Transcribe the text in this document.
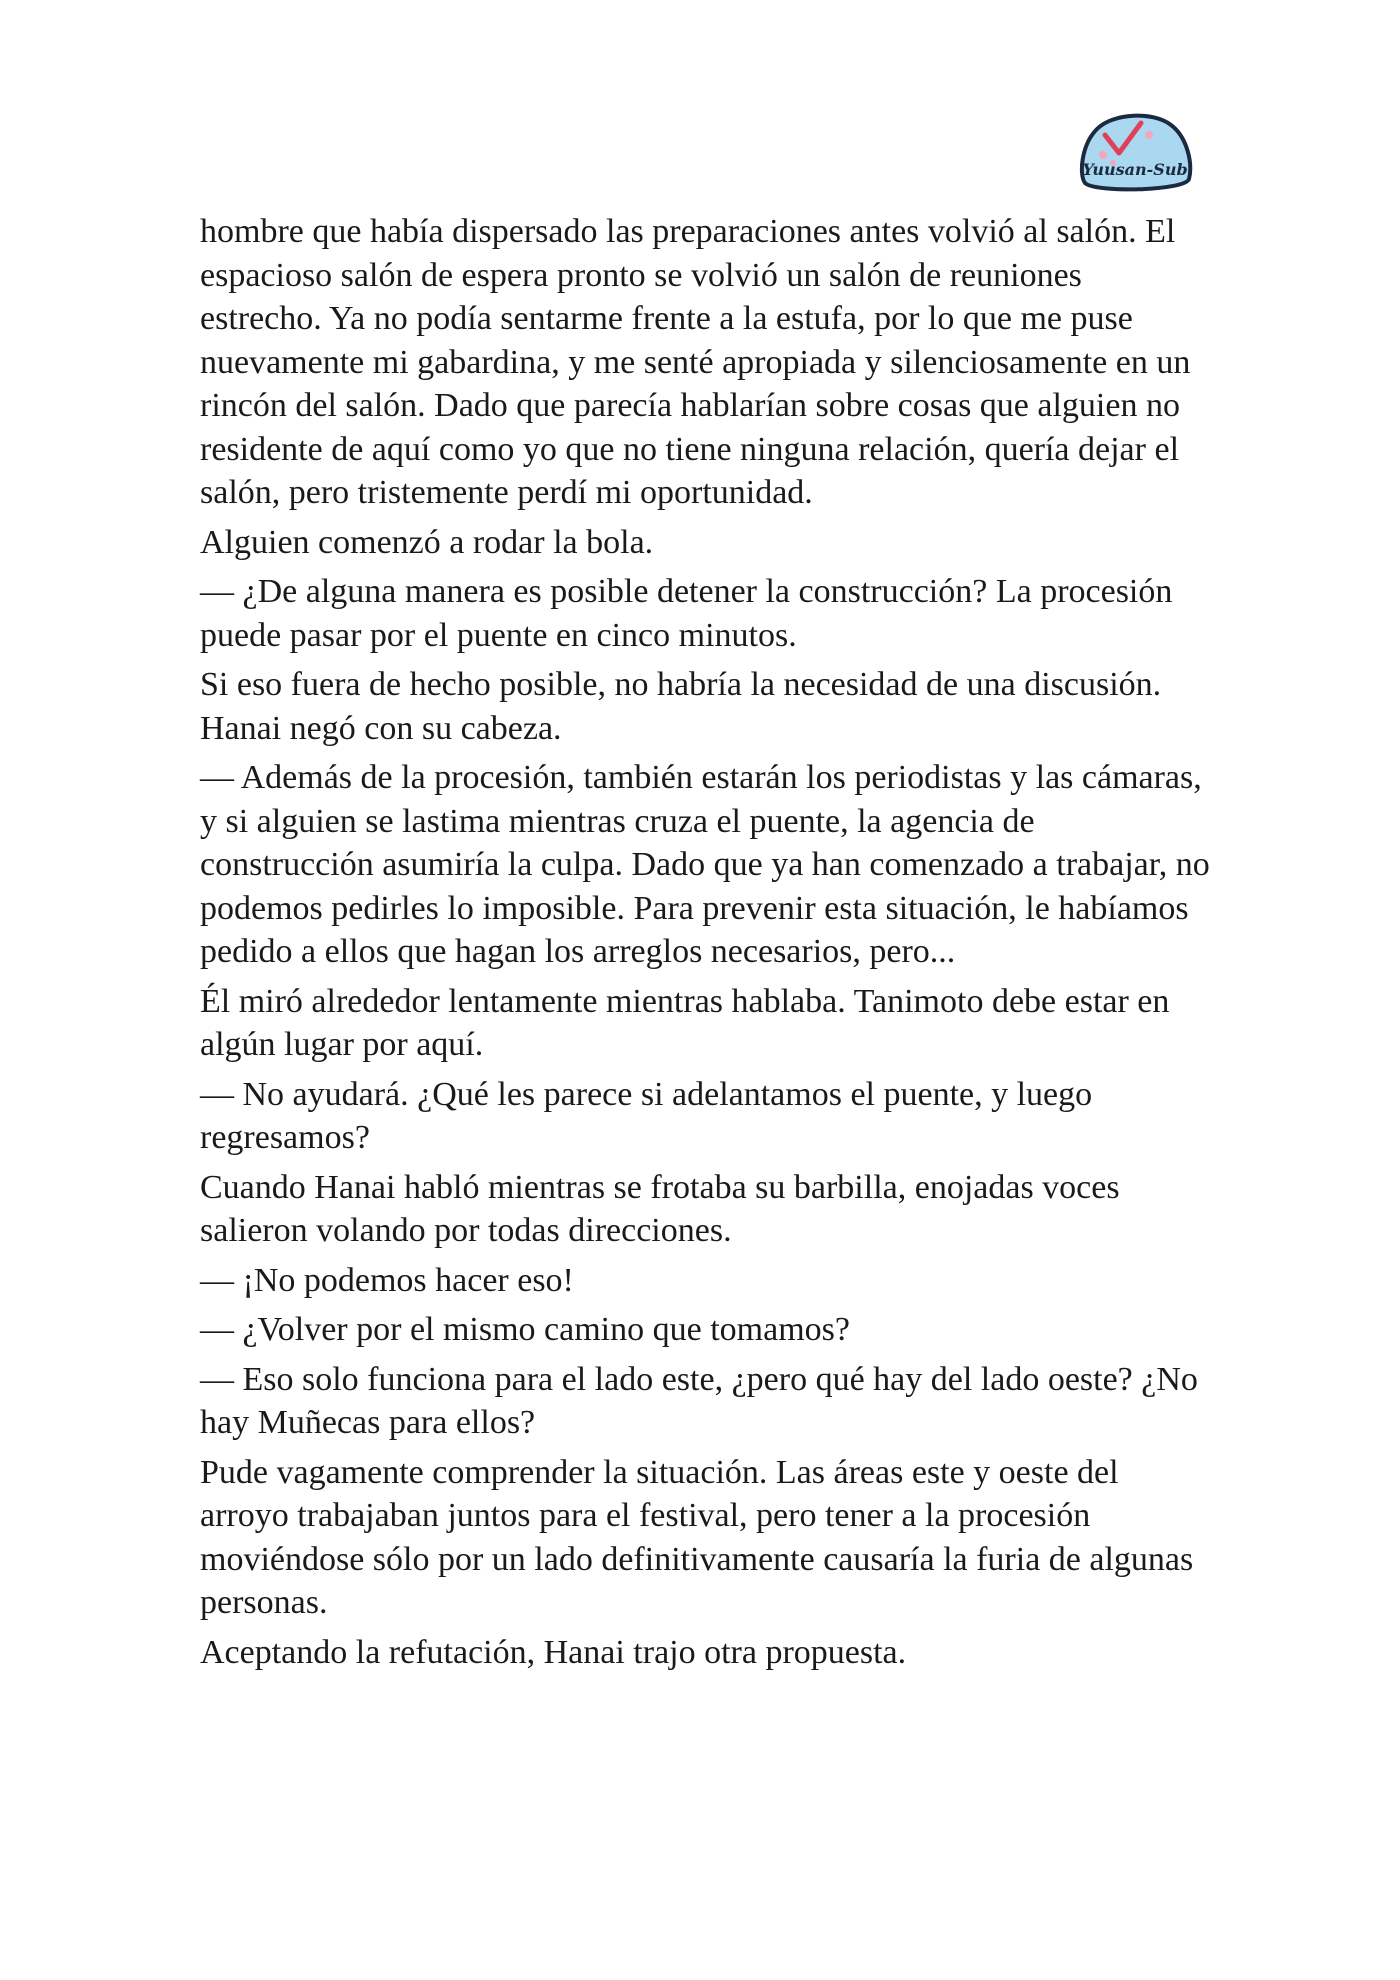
Yuusan-Sub

hombre que había dispersado las preparaciones antes volvió al salón. El espacioso salón de espera pronto se volvió un salón de reuniones estrecho. Ya no podía sentarme frente a la estufa, por lo que me puse nuevamente mi gabardina, y me senté apropiada y silenciosamente en un rincón del salón. Dado que parecía hablarían sobre cosas que alguien no residente de aquí como yo que no tiene ninguna relación, quería dejar el salón, pero tristemente perdí mi oportunidad.

Alguien comenzó a rodar la bola.

— ¿De alguna manera es posible detener la construcción? La procesión puede pasar por el puente en cinco minutos.

Si eso fuera de hecho posible, no habría la necesidad de una discusión. Hanai negó con su cabeza.

— Además de la procesión, también estarán los periodistas y las cámaras, y si alguien se lastima mientras cruza el puente, la agencia de construcción asumiría la culpa. Dado que ya han comenzado a trabajar, no podemos pedirles lo imposible. Para prevenir esta situación, le habíamos pedido a ellos que hagan los arreglos necesarios, pero...

Él miró alrededor lentamente mientras hablaba. Tanimoto debe estar en algún lugar por aquí.

— No ayudará. ¿Qué les parece si adelantamos el puente, y luego regresamos?

Cuando Hanai habló mientras se frotaba su barbilla, enojadas voces salieron volando por todas direcciones.

— ¡No podemos hacer eso!

— ¿Volver por el mismo camino que tomamos?

— Eso solo funciona para el lado este, ¿pero qué hay del lado oeste? ¿No hay Muñecas para ellos?

Pude vagamente comprender la situación. Las áreas este y oeste del arroyo trabajaban juntos para el festival, pero tener a la procesión moviéndose sólo por un lado definitivamente causaría la furia de algunas personas.

Aceptando la refutación, Hanai trajo otra propuesta.
